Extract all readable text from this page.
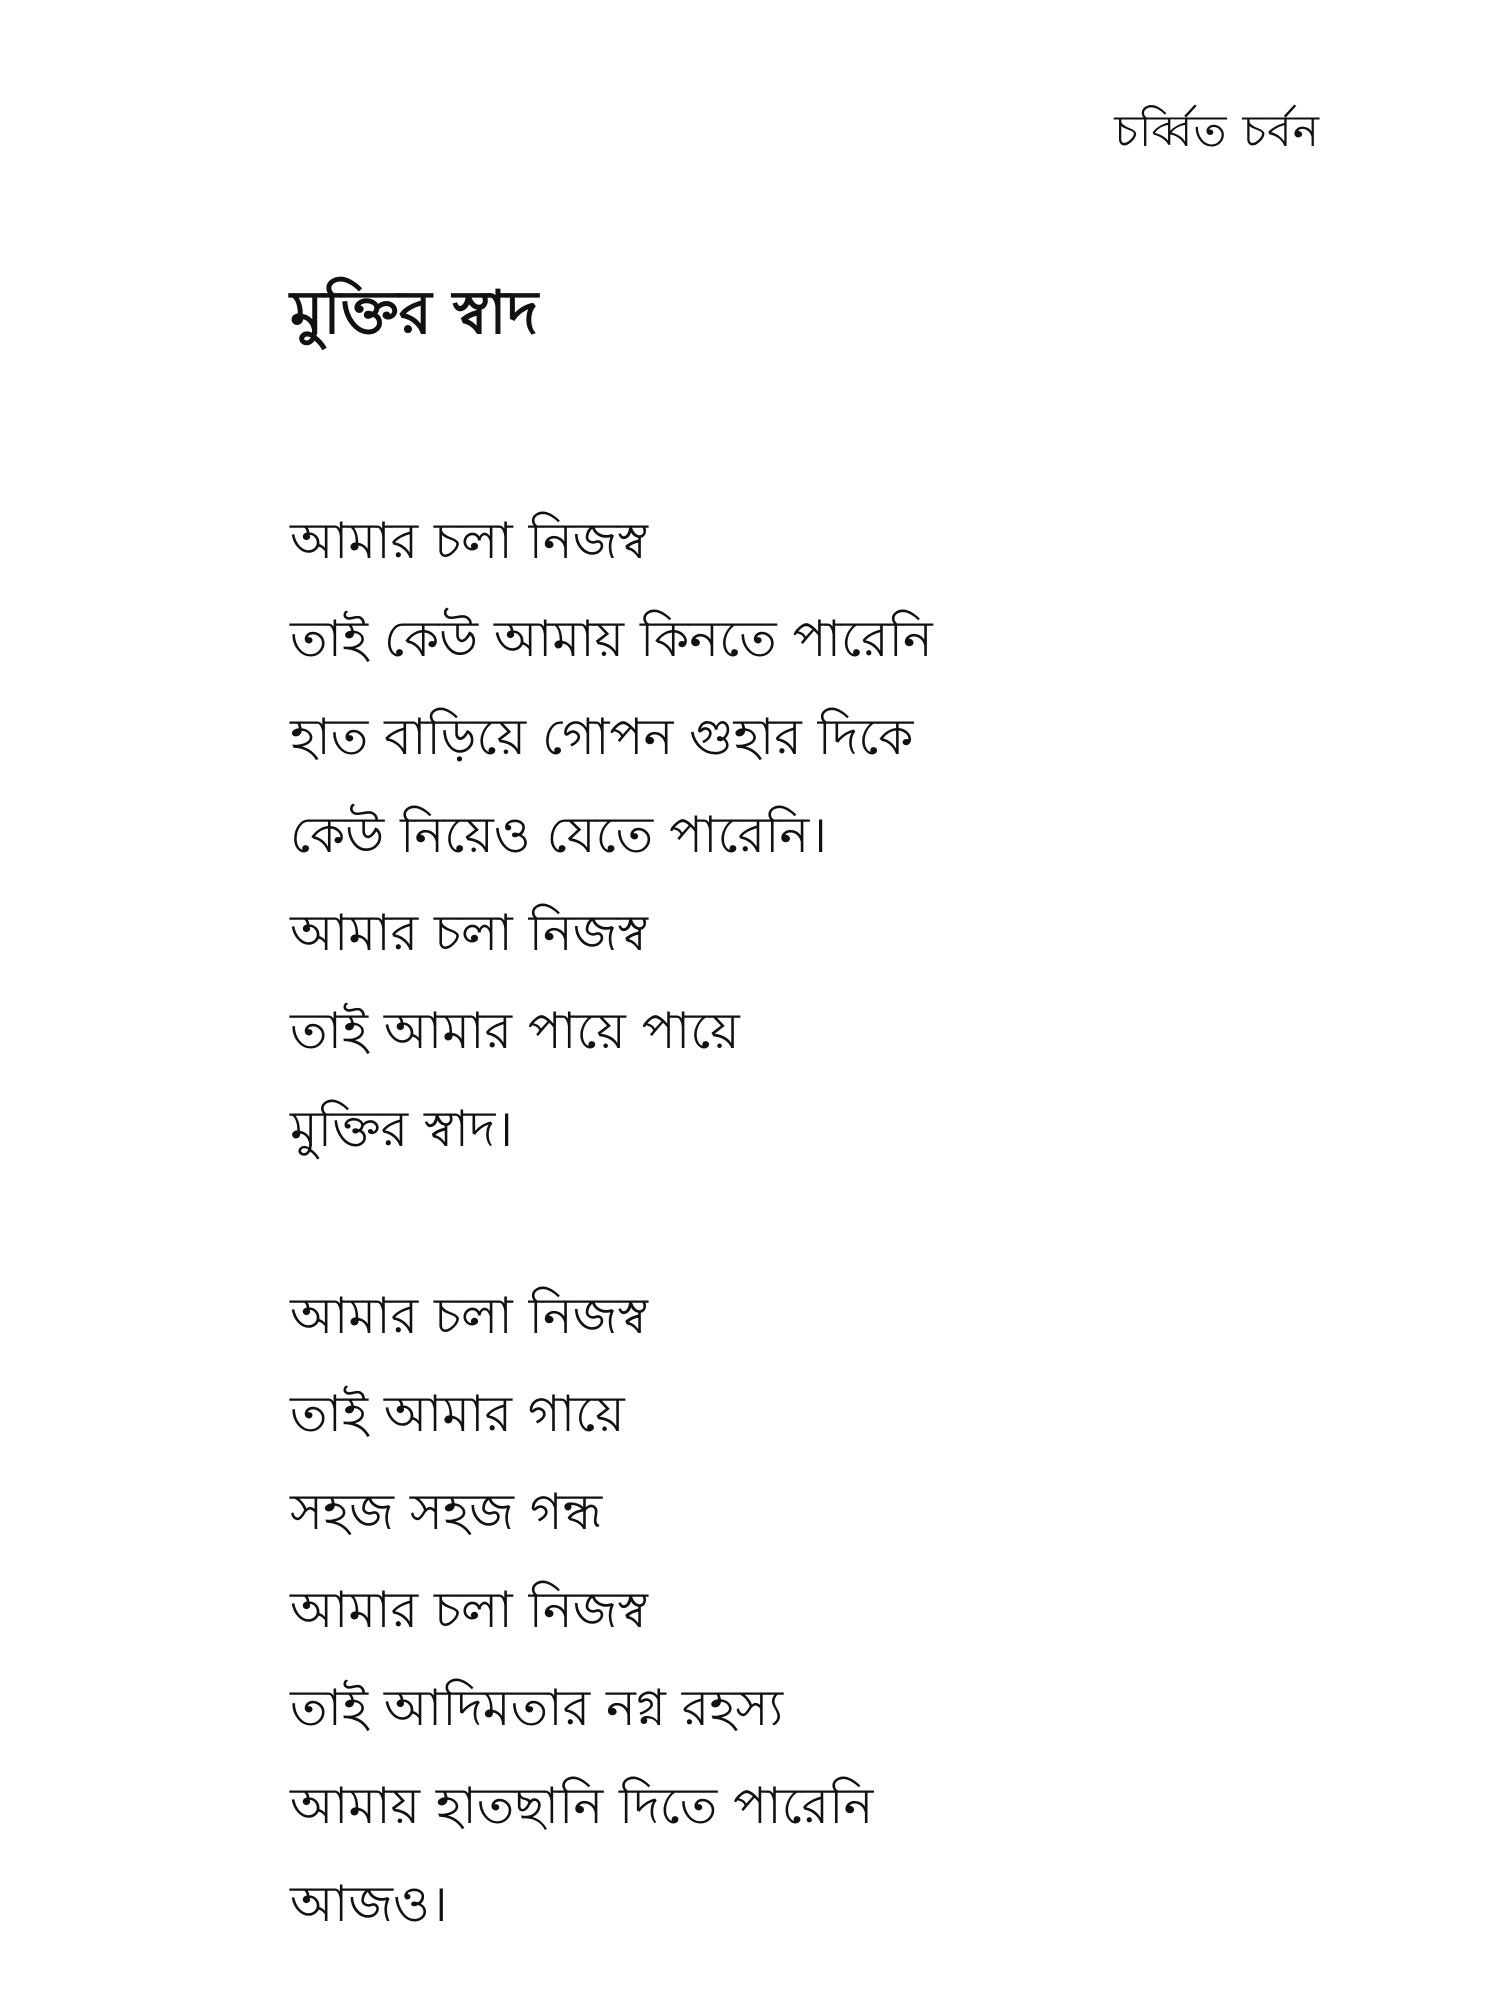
চর্ব্বিত চর্বন
মুক্তির স্বাদ
আমার চলা নিজস্ব
তাই কেউ আমায় কিনতে পারেনি
হাত বাড়িয়ে গোপন গুহার দিকে
কেউ নিয়েও যেতে পারেনি।
আমার চলা নিজস্ব
তাই আমার পায়ে পায়ে
মুক্তির স্বাদ।
আমার চলা নিজস্ব
তাই আমার গায়ে
সহজ সহজ গন্ধ
আমার চলা নিজস্ব
তাই আদিমতার নগ্ন রহস্য
আমায় হাতছানি দিতে পারেনি
আজও।
